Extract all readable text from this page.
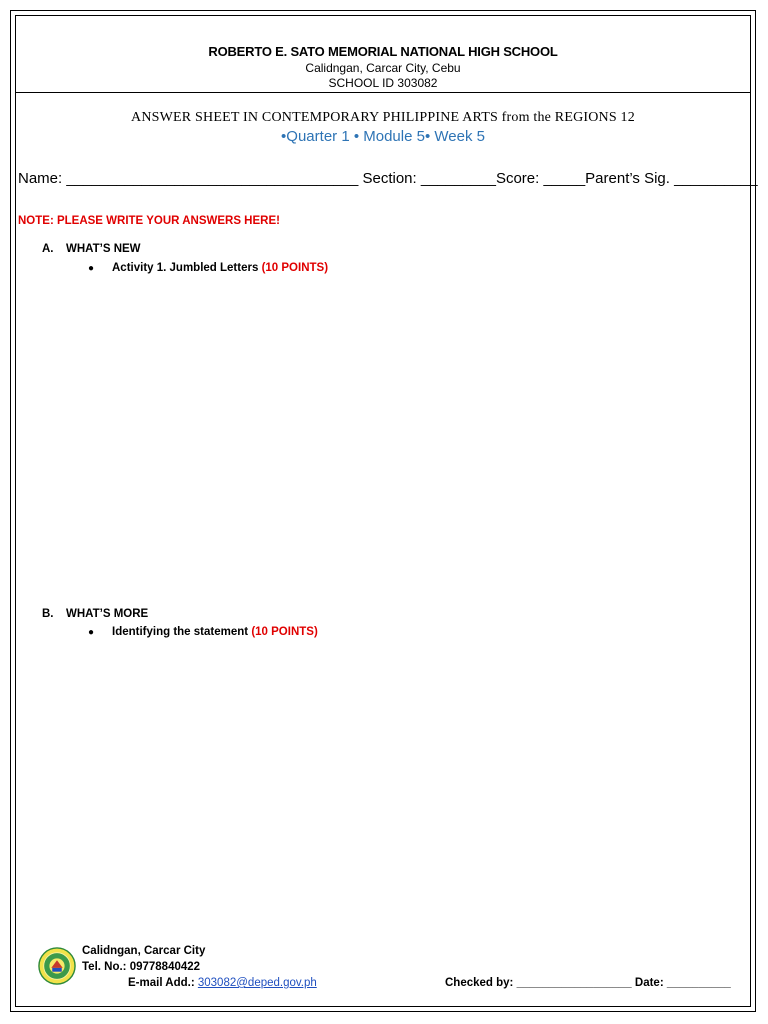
ROBERTO E. SATO MEMORIAL NATIONAL HIGH SCHOOL
Calidngan, Carcar City, Cebu
SCHOOL ID 303082
ANSWER SHEET IN CONTEMPORARY PHILIPPINE ARTS from the REGIONS 12
•Quarter 1 • Module 5• Week 5
Name: ___________________________________ Section: _________Score: _____Parent’s Sig. __________
NOTE: PLEASE WRITE YOUR ANSWERS HERE!
A. WHAT’S NEW
● Activity 1. Jumbled Letters (10 POINTS)
B. WHAT’S MORE
● Identifying the statement (10 POINTS)
Calidngan, Carcar City
Tel. No.: 09778840422
E-mail Add.: 303082@deped.gov.ph	Checked by: __________________ Date: __________
